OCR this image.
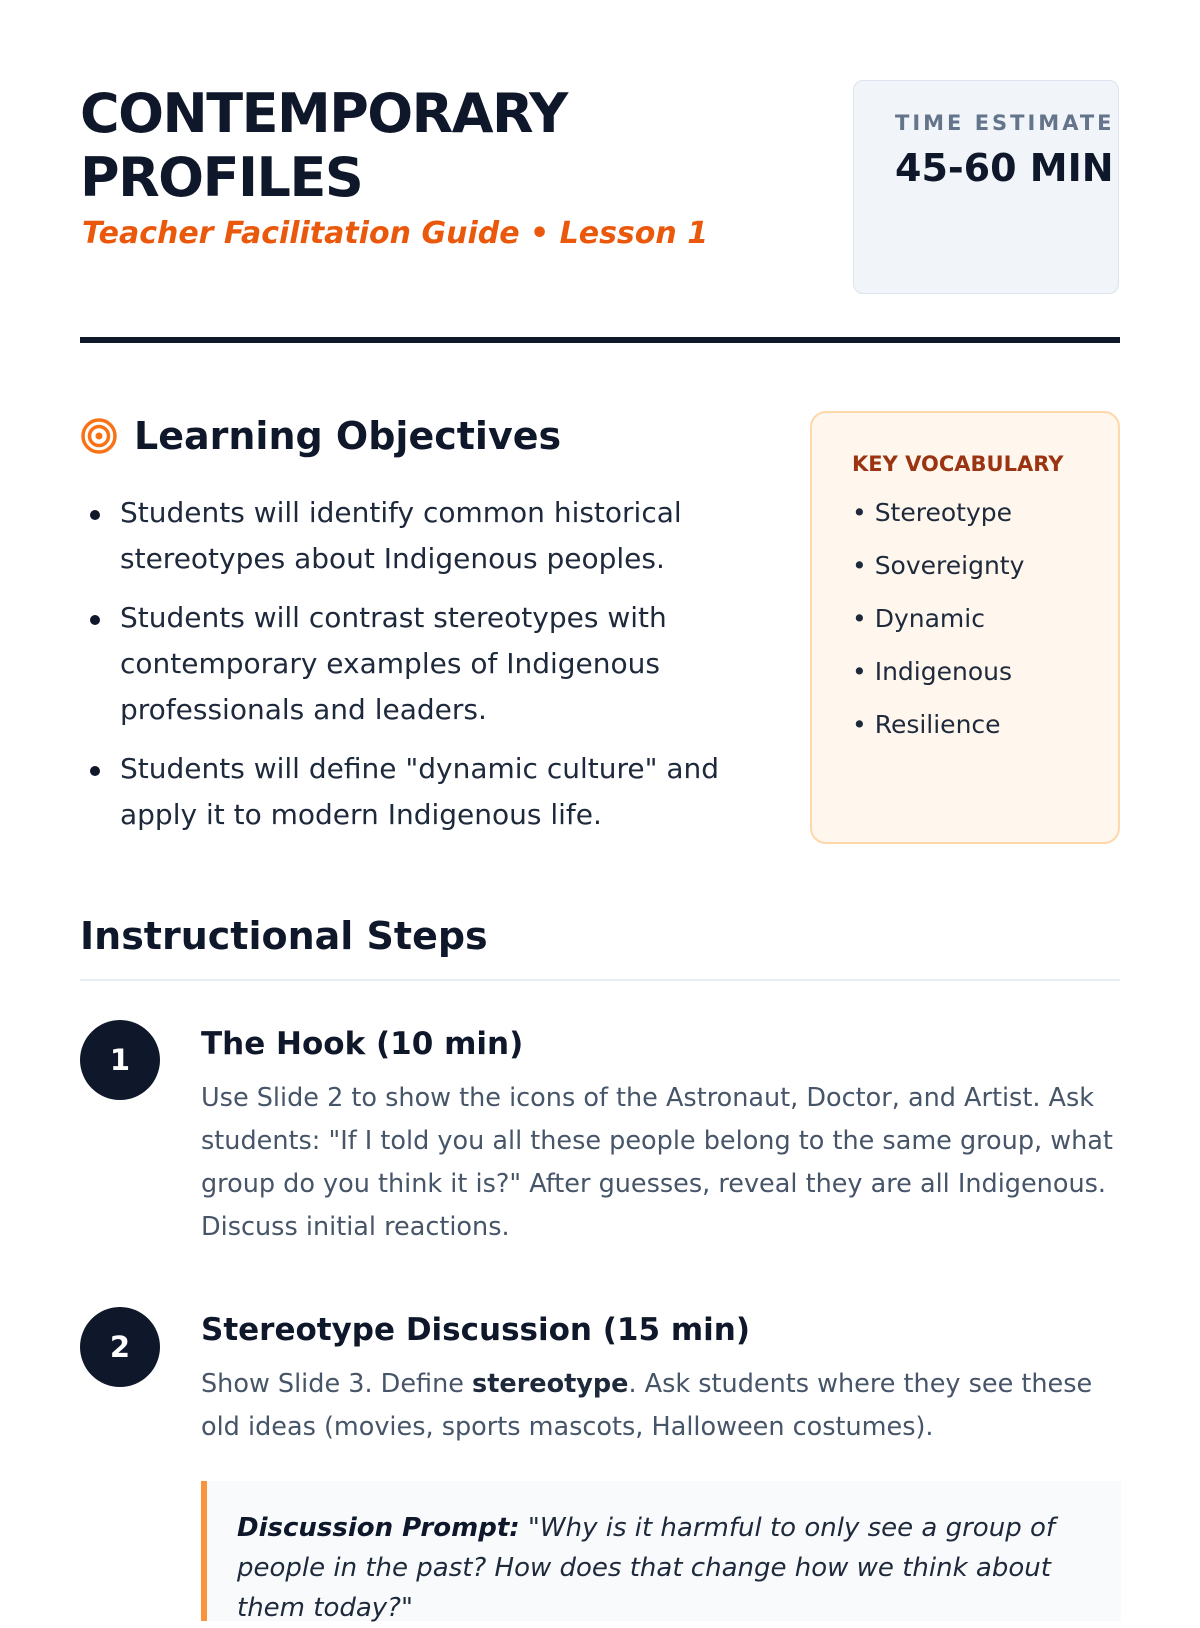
CONTEMPORARY PROFILES
Teacher Facilitation Guide • Lesson 1
TIME ESTIMATE
45-60 MIN
Learning Objectives
Students will identify common historical stereotypes about Indigenous peoples.
Students will contrast stereotypes with contemporary examples of Indigenous professionals and leaders.
Students will define "dynamic culture" and apply it to modern Indigenous life.
KEY VOCABULARY
• Stereotype
• Sovereignty
• Dynamic
• Indigenous
• Resilience
Instructional Steps
1	The Hook (10 min)

Use Slide 2 to show the icons of the Astronaut, Doctor, and Artist. Ask students: "If I told you all these people belong to the same group, what group do you think it is?" After guesses, reveal they are all Indigenous. Discuss initial reactions.

2	Stereotype Discussion (15 min)

Show Slide 3. Define stereotype. Ask students where they see these old ideas (movies, sports mascots, Halloween costumes).

Discussion Prompt: "Why is it harmful to only see a group of people in the past? How does that change how we think about them today?"
